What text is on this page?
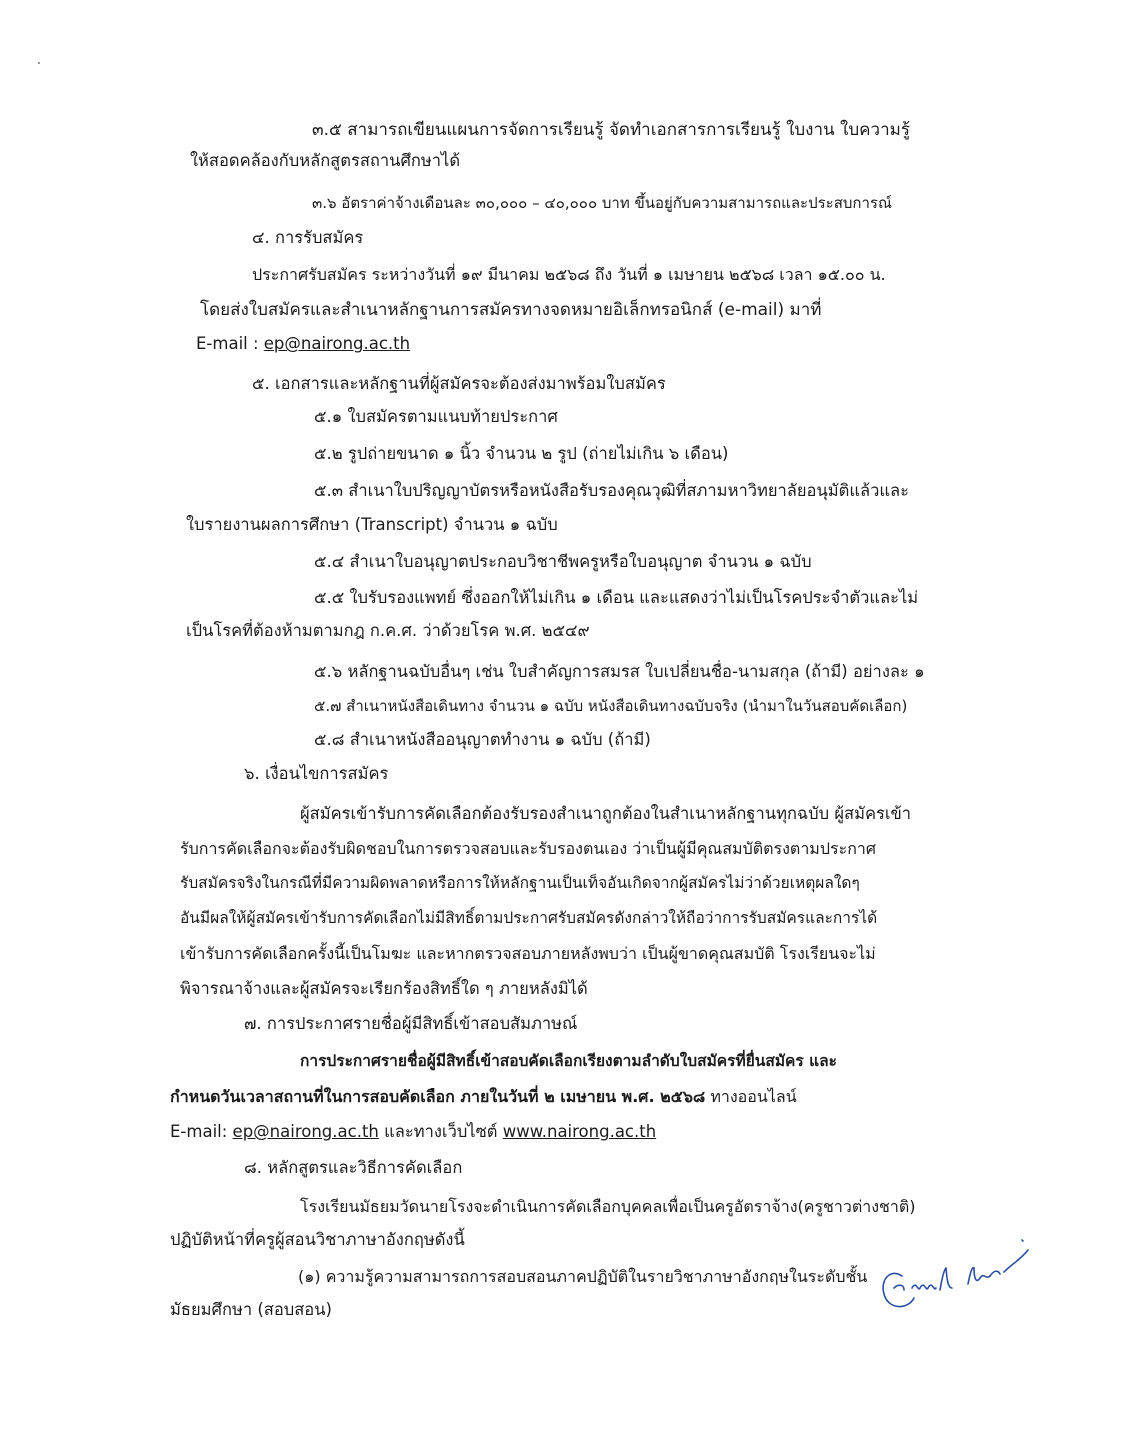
๓.๕ สามารถเขียนแผนการจัดการเรียนรู้ จัดทำเอกสารการเรียนรู้ ใบงาน ใบความรู้
ให้สอดคล้องกับหลักสูตรสถานศึกษาได้
๓.๖ อัตราค่าจ้างเดือนละ ๓๐,๐๐๐ – ๔๐,๐๐๐ บาท ขึ้นอยู่กับความสามารถและประสบการณ์
๔. การรับสมัคร
ประกาศรับสมัคร ระหว่างวันที่ ๑๙ มีนาคม ๒๕๖๘ ถึง วันที่ ๑ เมษายน ๒๕๖๘ เวลา ๑๕.๐๐ น.
โดยส่งใบสมัครและสำเนาหลักฐานการสมัครทางจดหมายอิเล็กทรอนิกส์ (e-mail) มาที่
E-mail : ep@nairong.ac.th
๕. เอกสารและหลักฐานที่ผู้สมัครจะต้องส่งมาพร้อมใบสมัคร
๕.๑ ใบสมัครตามแนบท้ายประกาศ
๕.๒ รูปถ่ายขนาด ๑ นิ้ว จำนวน ๒ รูป (ถ่ายไม่เกิน ๖ เดือน)
๕.๓ สำเนาใบปริญญาบัตรหรือหนังสือรับรองคุณวุฒิที่สภามหาวิทยาลัยอนุมัติแล้วและ
ใบรายงานผลการศึกษา (Transcript) จำนวน ๑ ฉบับ
๕.๔ สำเนาใบอนุญาตประกอบวิชาชีพครูหรือใบอนุญาต จำนวน ๑ ฉบับ
๕.๕ ใบรับรองแพทย์ ซึ่งออกให้ไม่เกิน ๑ เดือน และแสดงว่าไม่เป็นโรคประจำตัวและไม่
เป็นโรคที่ต้องห้ามตามกฎ ก.ค.ศ. ว่าด้วยโรค พ.ศ. ๒๕๔๙
๕.๖ หลักฐานฉบับอื่นๆ เช่น ใบสำคัญการสมรส ใบเปลี่ยนชื่อ-นามสกุล (ถ้ามี) อย่างละ ๑
๕.๗ สำเนาหนังสือเดินทาง จำนวน ๑ ฉบับ หนังสือเดินทางฉบับจริง (นำมาในวันสอบคัดเลือก)
๕.๘ สำเนาหนังสืออนุญาตทำงาน ๑ ฉบับ (ถ้ามี)
๖. เงื่อนไขการสมัคร
ผู้สมัครเข้ารับการคัดเลือกต้องรับรองสำเนาถูกต้องในสำเนาหลักฐานทุกฉบับ ผู้สมัครเข้า
รับการคัดเลือกจะต้องรับผิดชอบในการตรวจสอบและรับรองตนเอง ว่าเป็นผู้มีคุณสมบัติตรงตามประกาศ
รับสมัครจริงในกรณีที่มีความผิดพลาดหรือการให้หลักฐานเป็นเท็จอันเกิดจากผู้สมัครไม่ว่าด้วยเหตุผลใดๆ
อันมีผลให้ผู้สมัครเข้ารับการคัดเลือกไม่มีสิทธิ์ตามประกาศรับสมัครดังกล่าวให้ถือว่าการรับสมัครและการได้
เข้ารับการคัดเลือกครั้งนี้เป็นโมฆะ และหากตรวจสอบภายหลังพบว่า เป็นผู้ขาดคุณสมบัติ โรงเรียนจะไม่
พิจารณาจ้างและผู้สมัครจะเรียกร้องสิทธิ์ใด ๆ ภายหลังมิได้
๗. การประกาศรายชื่อผู้มีสิทธิ์เข้าสอบสัมภาษณ์
การประกาศรายชื่อผู้มีสิทธิ์เข้าสอบคัดเลือกเรียงตามลำดับใบสมัครที่ยื่นสมัคร และ
กำหนดวันเวลาสถานที่ในการสอบคัดเลือก ภายในวันที่ ๒ เมษายน พ.ศ. ๒๕๖๘ ทางออนไลน์
E-mail: ep@nairong.ac.th และทางเว็บไซต์ www.nairong.ac.th
๘. หลักสูตรและวิธีการคัดเลือก
โรงเรียนมัธยมวัดนายโรงจะดำเนินการคัดเลือกบุคคลเพื่อเป็นครูอัตราจ้าง(ครูชาวต่างชาติ)
ปฏิบัติหน้าที่ครูผู้สอนวิชาภาษาอังกฤษดังนี้
(๑) ความรู้ความสามารถการสอบสอนภาคปฏิบัติในรายวิชาภาษาอังกฤษในระดับชั้น
มัธยมศึกษา (สอบสอน)
